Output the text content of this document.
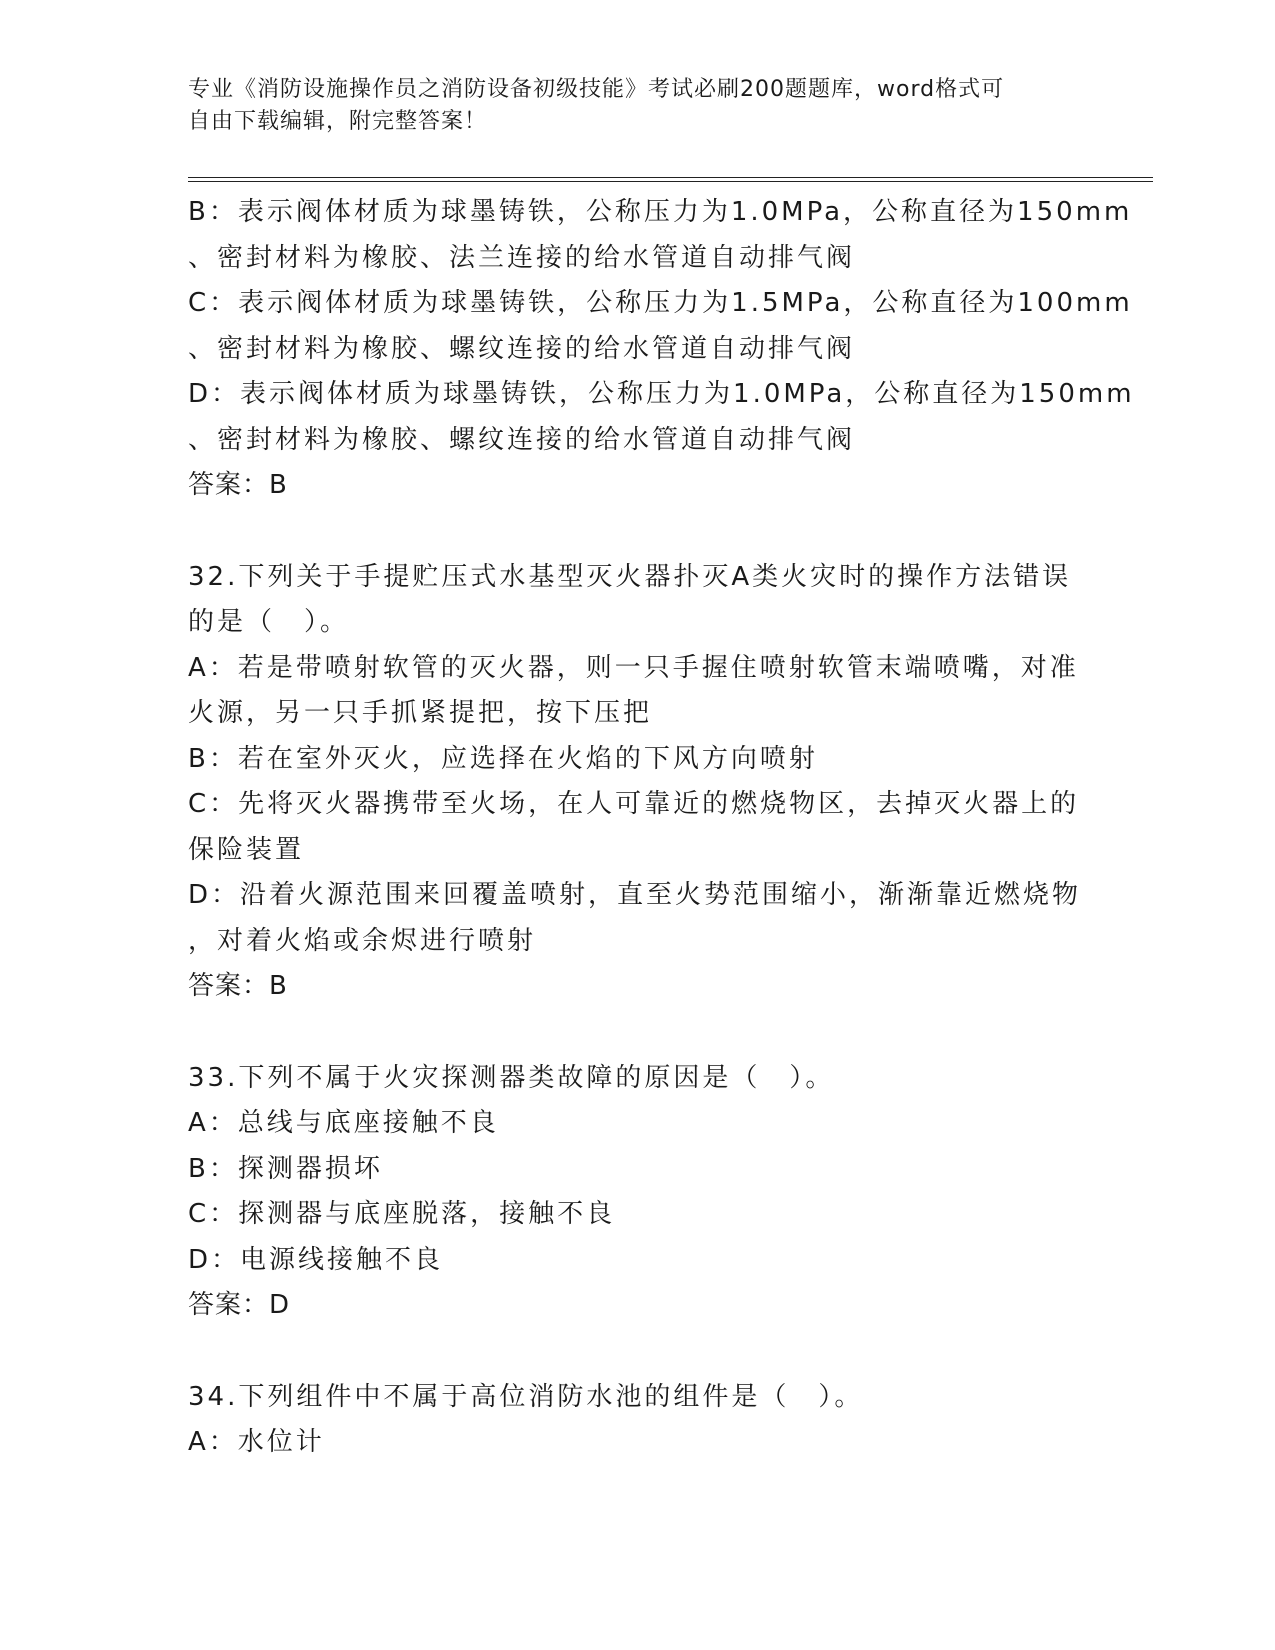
专业《消防设施操作员之消防设备初级技能》考试必刷200题题库，word格式可
自由下载编辑，附完整答案！
B：表示阀体材质为球墨铸铁，公称压力为1.0MPa，公称直径为150mm
、密封材料为橡胶、法兰连接的给水管道自动排气阀
C：表示阀体材质为球墨铸铁，公称压力为1.5MPa，公称直径为100mm
、密封材料为橡胶、螺纹连接的给水管道自动排气阀
D：表示阀体材质为球墨铸铁，公称压力为1.0MPa，公称直径为150mm
、密封材料为橡胶、螺纹连接的给水管道自动排气阀
答案：B
32.下列关于手提贮压式水基型灭火器扑灭A类火灾时的操作方法错误
的是（　）。
A：若是带喷射软管的灭火器，则一只手握住喷射软管末端喷嘴，对准
火源，另一只手抓紧提把，按下压把
B：若在室外灭火，应选择在火焰的下风方向喷射
C：先将灭火器携带至火场，在人可靠近的燃烧物区，去掉灭火器上的
保险装置
D：沿着火源范围来回覆盖喷射，直至火势范围缩小，渐渐靠近燃烧物
，对着火焰或余烬进行喷射
答案：B
33.下列不属于火灾探测器类故障的原因是（　）。
A：总线与底座接触不良
B：探测器损坏
C：探测器与底座脱落，接触不良
D：电源线接触不良
答案：D
34.下列组件中不属于高位消防水池的组件是（　）。
A：水位计
